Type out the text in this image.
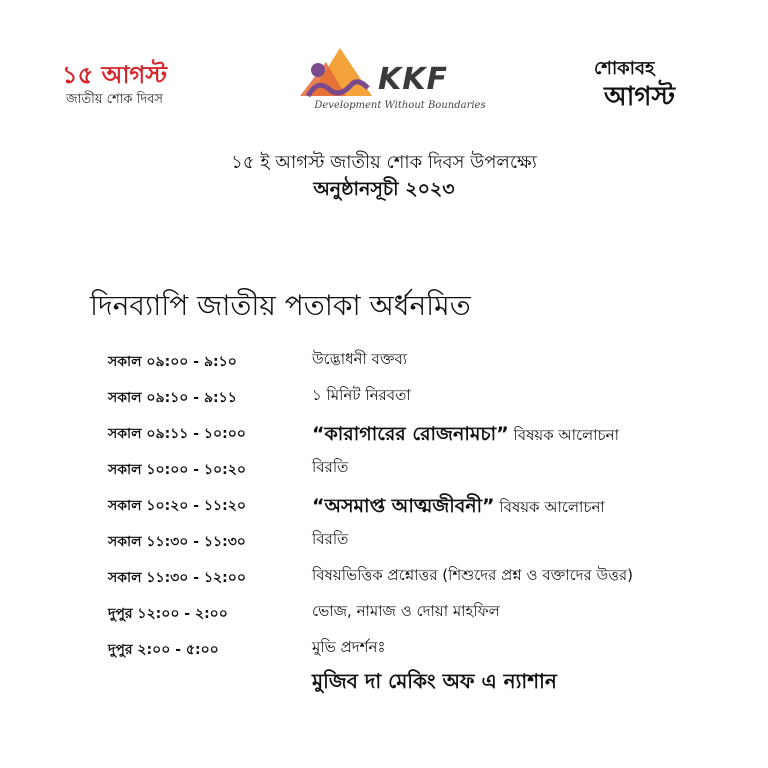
১৫ আগস্ট
জাতীয় শোক দিবস
KKF
Development Without Boundaries
শোকাবহ
আগস্ট
১৫ ই আগস্ট জাতীয় শোক দিবস উপলক্ষ্যে
অনুষ্ঠানসূচী ২০২৩
দিনব্যাপি জাতীয় পতাকা অর্ধনমিত
সকাল ০৯:০০ - ৯:১০	উদ্ভোধনী বক্তব্য
সকাল ০৯:১০ - ৯:১১	১ মিনিট নিরবতা
সকাল ০৯:১১ - ১০:০০	“কারাগারের রোজনামচা” বিষয়ক আলোচনা
সকাল ১০:০০ - ১০:২০	বিরতি
সকাল ১০:২০ - ১১:২০	“অসমাপ্ত আত্মজীবনী” বিষয়ক আলোচনা
সকাল ১১:৩০ - ১১:৩০	বিরতি
সকাল ১১:৩০ - ১২:০০	বিষয়ভিত্তিক প্রশ্নোত্তর (শিশুদের প্রশ্ন ও বক্তাদের উত্তর)
দুপুর ১২:০০ - ২:০০	ভোজ, নামাজ ও দোয়া মাহফিল
দুপুর ২:০০ - ৫:০০	মুভি প্রদর্শনঃ
মুজিব দা মেকিং অফ এ ন্যাশান
